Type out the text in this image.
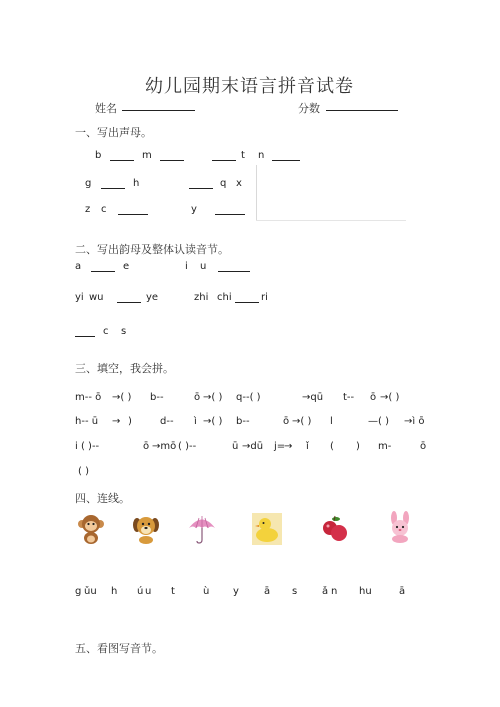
幼儿园期末语言拼音试卷
姓名	分数
一、写出声母。
b	m	t n
g	h	q x
z c	y
二、写出韵母及整体认读音节。
a	e	i u
yi wu	ye	zhi chi	ri
c s
三、填空，我会拼。
m-- ō →( ) b--	ō →( ) q--( )	→qū t-- ō →( )
h-- ū → )	d-- ì →( ) b--	ō →( ) l	—( ) →ì ō
i ( )--	ō →mō ( )--	ū →dū j=
→ ǐ ( ) m-	ō
( )
四、连线。
g ǔu h ú u t	ù y	ā s ǎ n hu	ā
五、看图写音节。
